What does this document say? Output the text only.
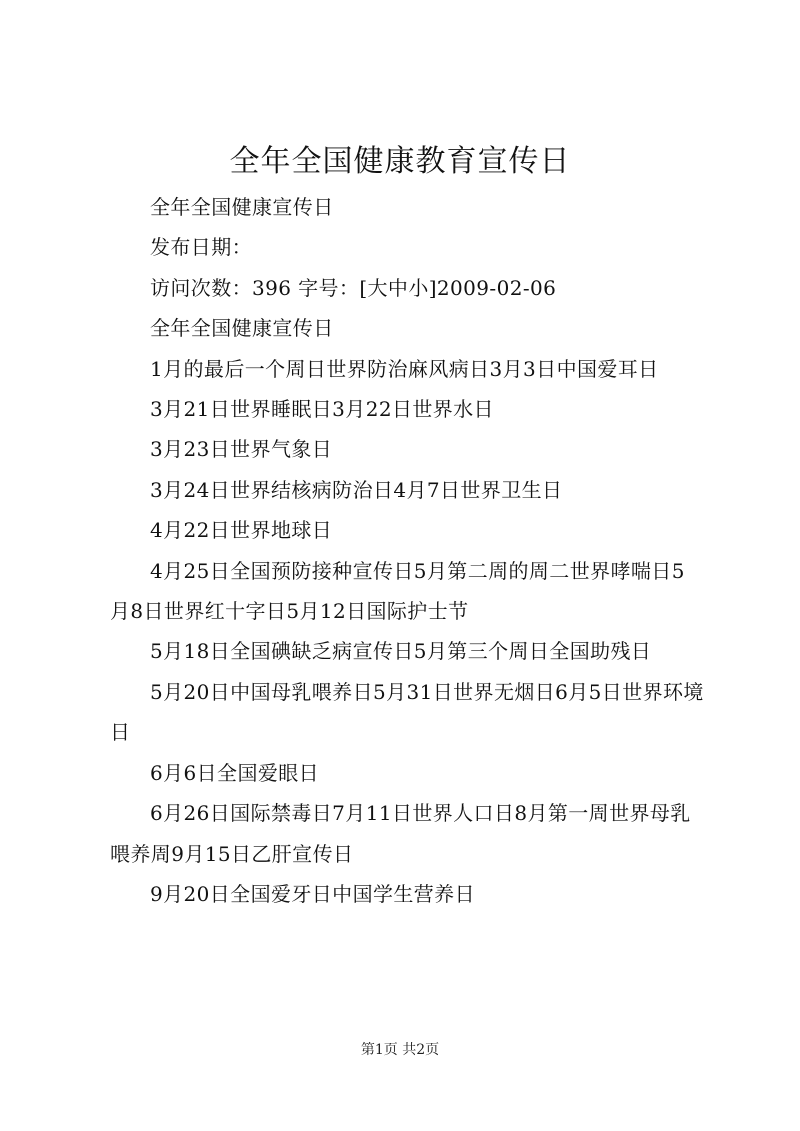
全年全国健康教育宣传日

全年全国健康宣传日

发布日期：

访问次数：396 字号：[大中小]2009-02-06

全年全国健康宣传日

1月的最后一个周日世界防治麻风病日3月3日中国爱耳日

3月21日世界睡眠日3月22日世界水日

3月23日世界气象日

3月24日世界结核病防治日4月7日世界卫生日

4月22日世界地球日

4月25日全国预防接种宣传日5月第二周的周二世界哮喘日5月8日世界红十字日5月12日国际护士节

5月18日全国碘缺乏病宣传日5月第三个周日全国助残日

5月20日中国母乳喂养日5月31日世界无烟日6月5日世界环境日

6月6日全国爱眼日

6月26日国际禁毒日7月11日世界人口日8月第一周世界母乳喂养周9月15日乙肝宣传日

9月20日全国爱牙日中国学生营养日

第1页 共2页
